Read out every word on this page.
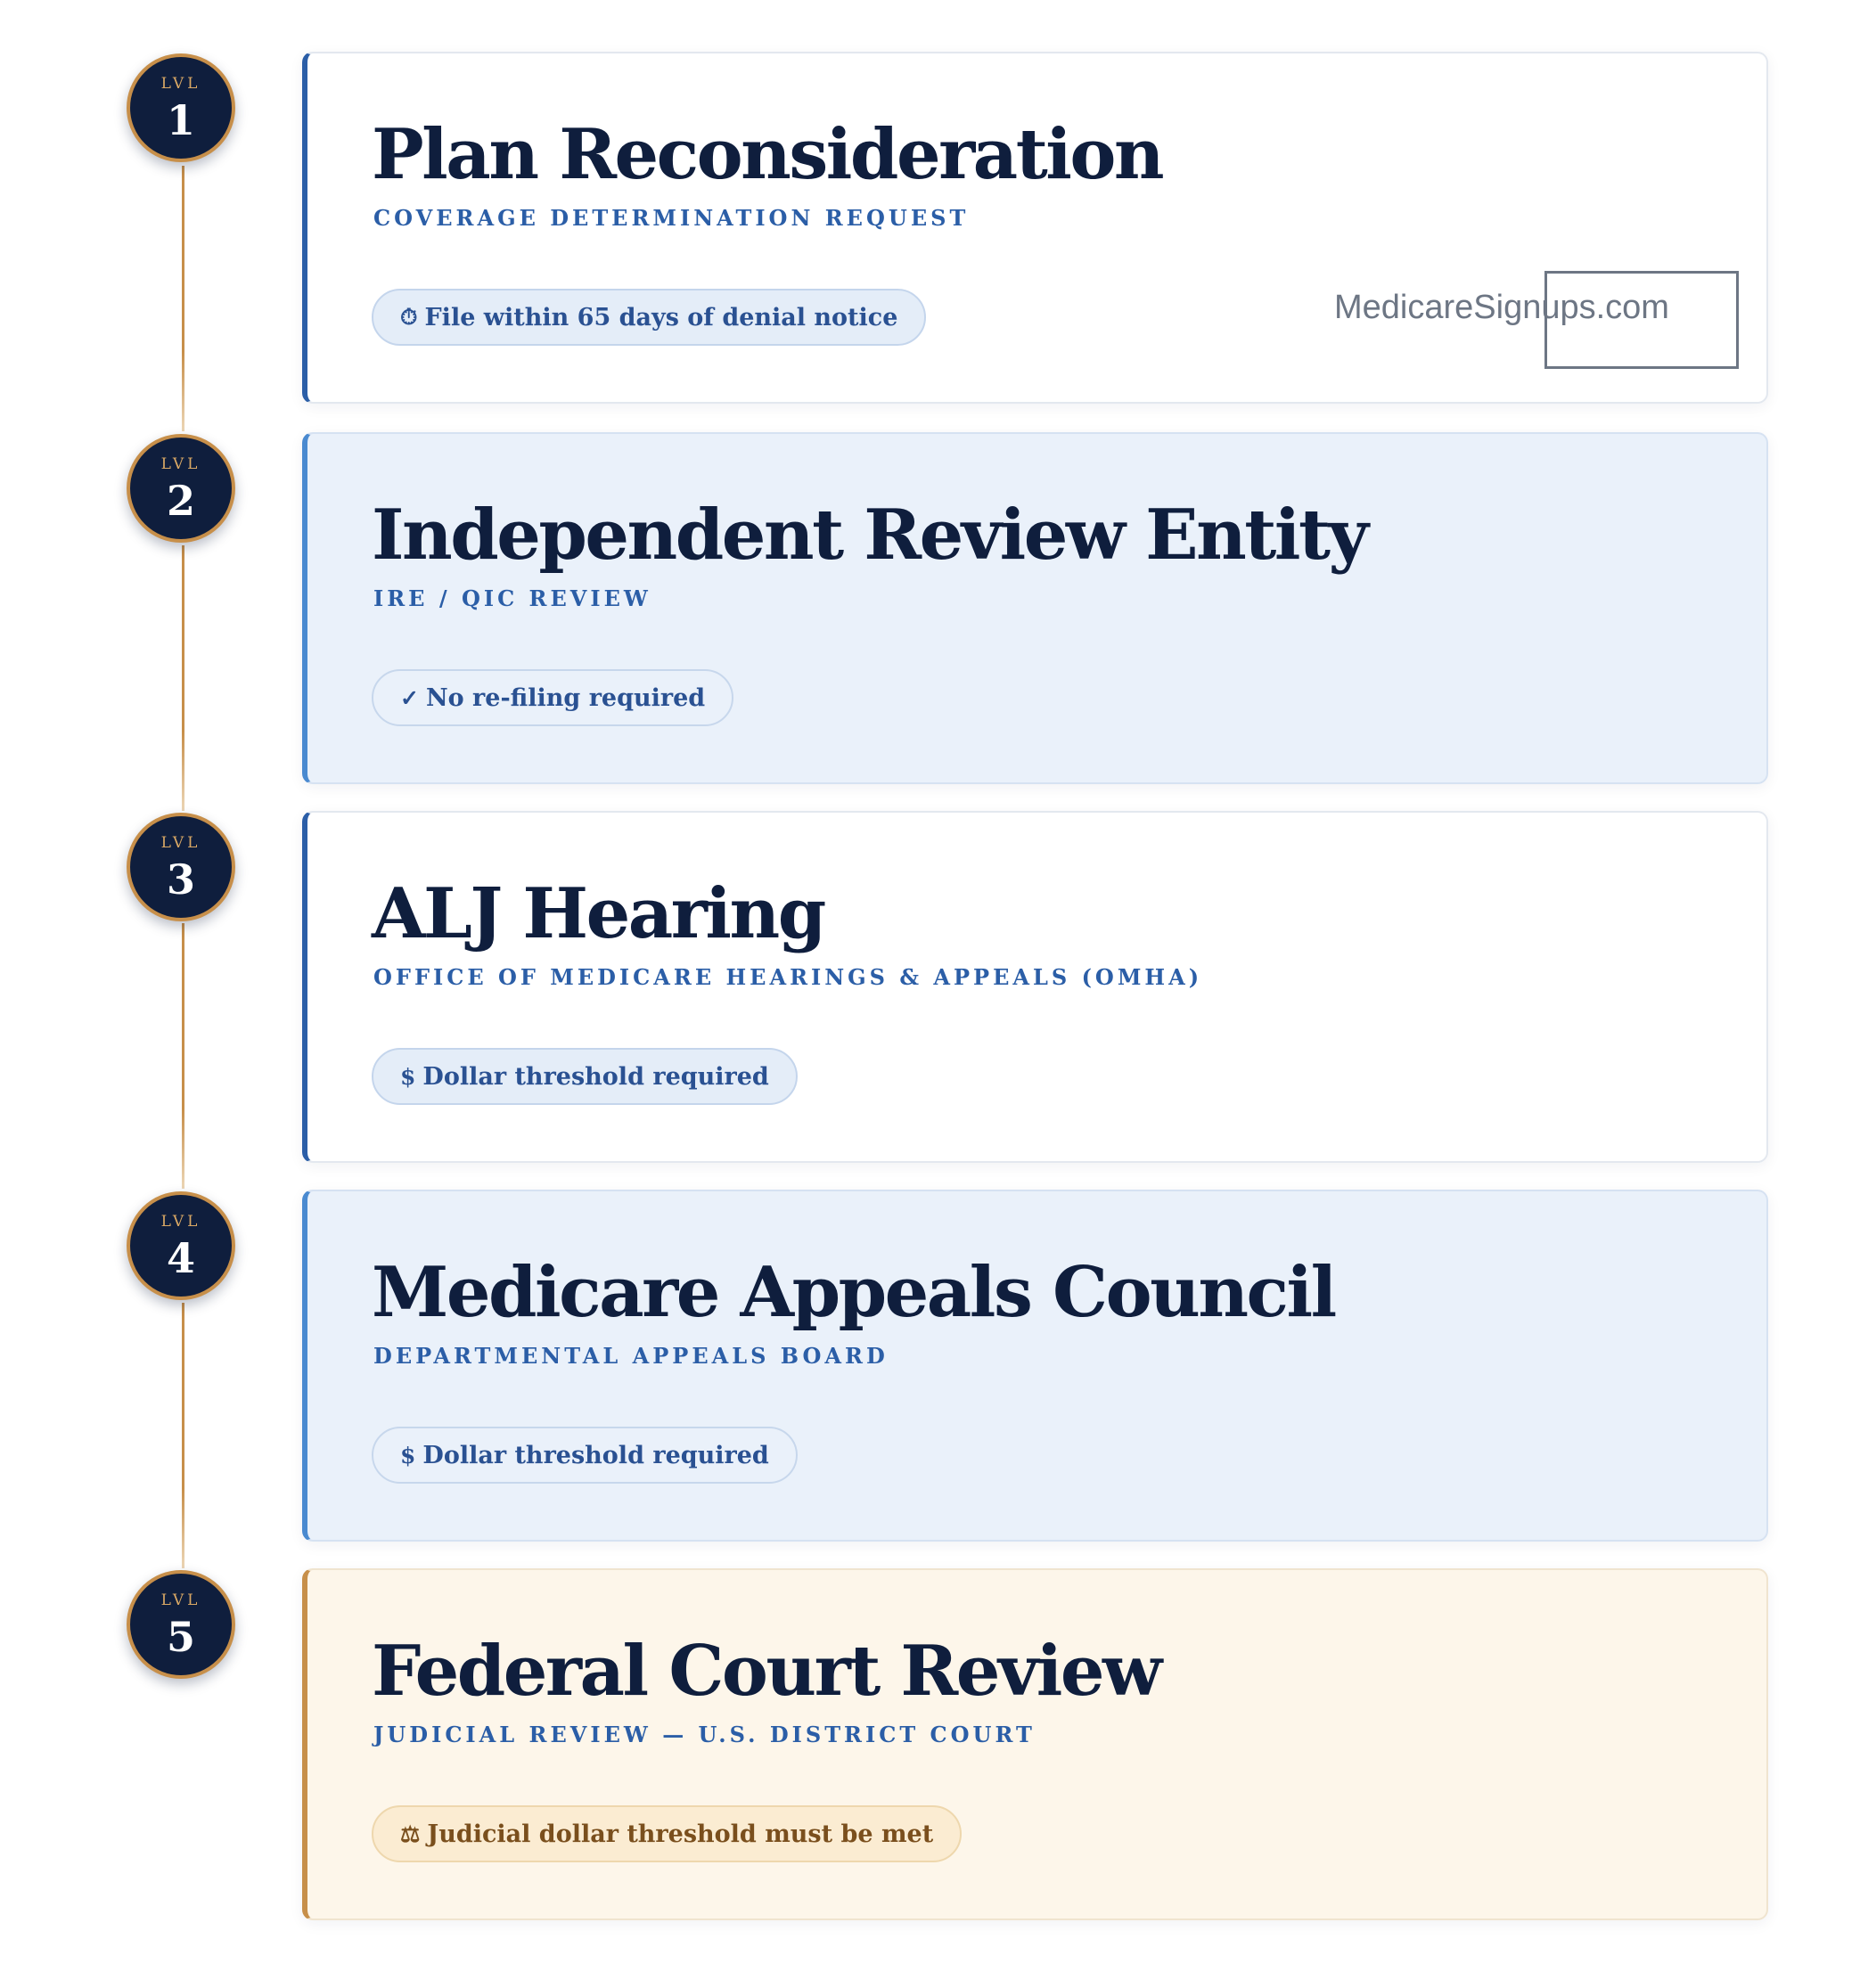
LVL
1	Plan Reconsideration
COVERAGE DETERMINATION REQUEST
⏱ File within 65 days of denial notice	MedicareSignups.com
LVL
2	Independent Review Entity
IRE / QIC REVIEW
✓ No re-filing required
LVL
3	ALJ Hearing
OFFICE OF MEDICARE HEARINGS & APPEALS (OMHA)
$ Dollar threshold required
LVL
4	Medicare Appeals Council
DEPARTMENTAL APPEALS BOARD
$ Dollar threshold required
LVL
5	Federal Court Review
JUDICIAL REVIEW — U.S. DISTRICT COURT
⚖ Judicial dollar threshold must be met
